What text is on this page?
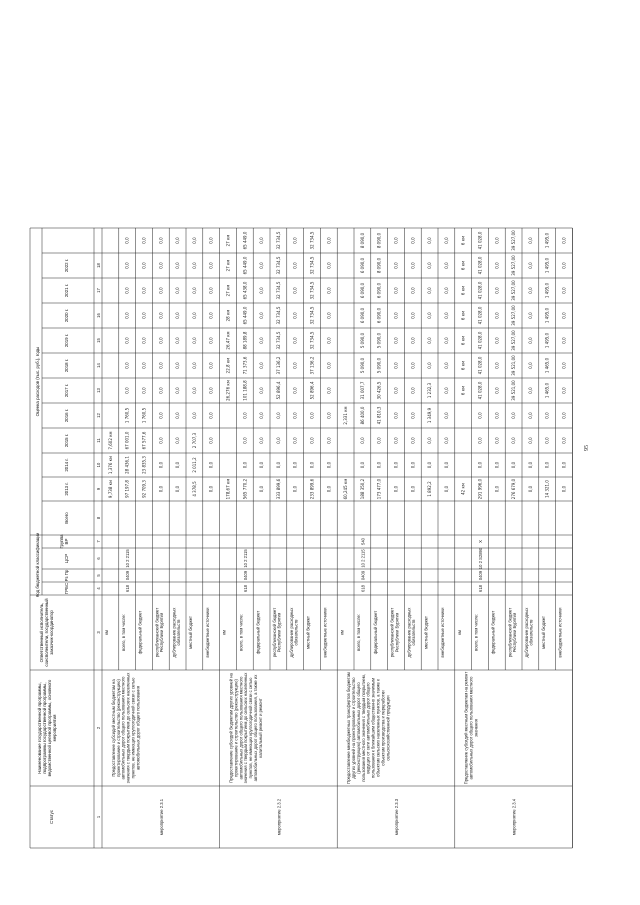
Статус
Наименование государственной программы,подпрограммы государственной программы,ведомственной целевой программы, основногомероприятия
Ответственный исполнитель,соисполнители, государственныйзаказчик-координатор
Код бюджетной классификации	ГРБС
Рз Пр
ЦСР
ГруппаВР
Оценка расходов (тыс. руб.), годы
Всего
2013 г.
2014 г.
2015 г.
2016 г.
2017 г.
2018 г.
2019 г.
2020 г.
2021 г.
2022 г.
1
2
3
4
5
6
7
8
9
10
11
12
13
14
15
16
17
18
мероприятие 2.3.1
Предоставление субсидий местным бюджетам напроектирование и строительство (реконструкцию)автомобильных дорог общего пользования местногозначения с твердым покрытием до сельских населенныхпунктов, не имеющих круглогодичной связи с сетьюавтомобильных дорог общего пользования
618
0409
10 2 2115
км
9,738 км
1,376 км
7,602 км
всего, в том числе:
97 197,8
28 436,1
67 001,0
1 760,5
0,0
0,0
0,0
0,0
0,0
0,0
0,0
федеральный бюджет
92 709,3
23 835,3
67 577,6
1 760,5
0,0
0,0
0,0
0,0
0,0
0,0
0,0
республиканский бюджетРеспублики Бурятия
0,0
0,0
0,0
0,0
0,0
0,0
0,0
0,0
0,0
0,0
0,0
дублирование расходныхобязательств
0,0
0,0
0,0
0,0
0,0
0,0
0,0
0,0
0,0
0,0
0,0
местный бюджет
4 378,5
2 011,2
2 707,3
0,0
0,0
0,0
0,0
0,0
0,0
0,0
0,0
внебюджетные источники
0,0
0,0
0,0
0,0
0,0
0,0
0,0
0,0
0,0
0,0
0,0
мероприятие 2.3.2
Предоставление субсидий бюджетам других уровней напроектирование и строительство (реконструкцию)автомобильных дорог общего пользования местногозначения с твердым покрытием до сельских населенныхпунктов, не имеющих круглогодичной связи с сетьюавтомобильных дорог общего пользования, а также ихкапитальный ремонт и ремонт
618
0409
10 2 2115
км
178,67 км
26,276 км
22,8 км
26,47 км
28 км
27 км
27 км
27 км
всего, в том числе:
565 770,2
0,0
0,0
0,0
101 188,8
71 373,6
88 189,8
65 449,0
65 438,0
65 449,0
65 449,0
федеральный бюджет
0,0
0,0
0,0
0,0
0,0
0,0
0,0
0,0
0,0
0,0
0,0
республиканский бюджетРеспублики Бурятия
333 899,6
0,0
0,0
0,0
52 896,4
37 136,2
32 734,5
32 734,5
32 734,5
32 734,5
32 734,5
дублирование расходныхобязательств
0,0
0,0
0,0
0,0
0,0
0,0
0,0
0,0
0,0
0,0
0,0
местный бюджет
233 899,6
0,0
0,0
0,0
52 896,4
37 136,2
32 734,5
32 734,5
32 734,5
32 734,5
32 734,5
внебюджетные источники
0,0
0,0
0,0
0,0
0,0
0,0
0,0
0,0
0,0
0,0
0,0
мероприятие 2.3.3
Предоставление межбюджетных трансфертов бюджетамдругих уровней на проектирование и строительство(реконструкцию) автомобильных дорог общегопользования местного значения с твердым покрытием,ведущих от сети автомобильных дорог общегопользования к ближайшим общественно значимымобъектам сельских населенных пунктов, а также кобъектам производства и переработкисельскохозяйственной продукции
618
0409
10 2 2115
540
км
60,245 км
2,331 км
всего, в том числе:
188 350,2
0,0
0,0
86 400,0
31 007,7
5 090,0
5 090,0
6 090,0
6 090,0
6 090,0
8 090,0
федеральный бюджет
173 477,0
0,0
0,0
41 810,3
30 426,5
5 090,0
5 090,0
6 090,0
6 090,0
8 090,0
8 090,0
республиканский бюджетРеспублики Бурятия
0,0
0,0
0,0
0,0
0,0
0,0
0,0
0,0
0,0
0,0
0,0
дублирование расходныхобязательств
0,0
0,0
0,0
0,0
0,0
0,0
0,0
0,0
0,0
0,0
0,0
местный бюджет
1 892,2
0,0
0,0
1 349,9
1 232,3
0,0
0,0
0,0
0,0
0,0
0,0
внебюджетные источники
0,0
0,0
0,0
0,0
0,0
0,0
0,0
0,0
0,0
0,0
0,0
мероприятие 2.3.4
Предоставление субсидий местным бюджетам на ремонтавтомобильных дорог общего пользования местногозначения
618
0409
10 2 S2890
Х
км
42 км
6 км
6 км
6 км
6 км
6 км
6 км
6 км
всего, в том числе:
291 996,0
0,0
0,0
0,0
41 028,0
41 028,0
41 028,0
41 028,0
41 028,0
41 028,0
41 028,0
федеральный бюджет
0,0
0,0
0,0
0,0
0,0
0,0
0,0
0,0
0,0
0,0
0,0
республиканский бюджетРеспублики Бурятия
276 679,0
0,0
0,0
0,0
39 521,00
39 521,00
39 527,00
39 527,00
39 527,00
39 527,00
39 527,00
дублирование расходныхобязательств
0,0
0,0
0,0
0,0
0,0
0,0
0,0
0,0
0,0
0,0
0,0
местный бюджет
14 321,0
0,0
0,0
0,0
1 465,0
1 465,0
1 495,0
1 495,0
1 495,0
1 495,0
1 495,0
внебюджетные источники
0,0
0,0
0,0
0,0
0,0
0,0
0,0
0,0
0,0
0,0
0,0
95
